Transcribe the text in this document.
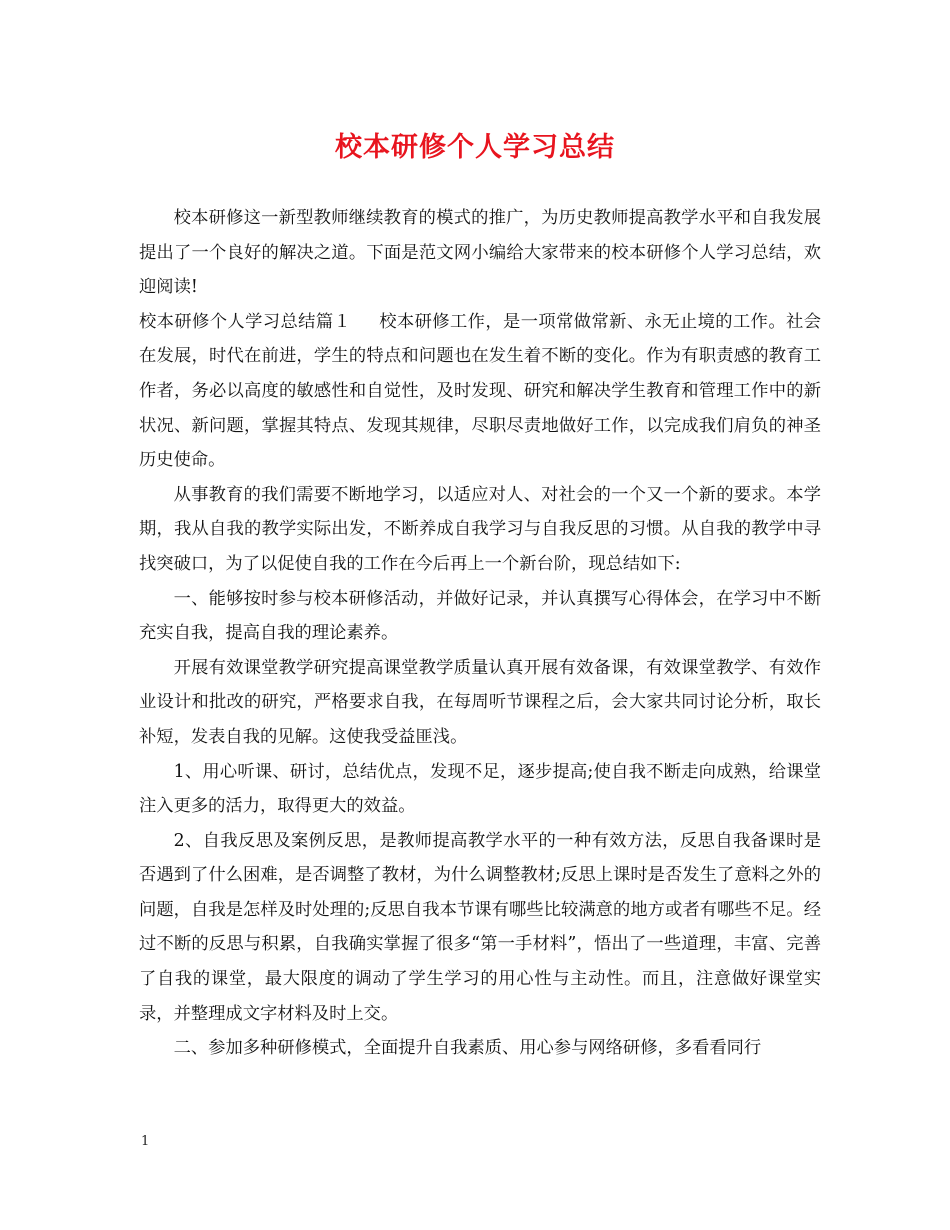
校本研修个人学习总结

校本研修这一新型教师继续教育的模式的推广，为历史教师提高教学水平和自我发展提出了一个良好的解决之道。下面是范文网小编给大家带来的校本研修个人学习总结，欢迎阅读!

校本研修个人学习总结篇１ 校本研修工作，是一项常做常新、永无止境的工作。社会在发展，时代在前进，学生的特点和问题也在发生着不断的变化。作为有职责感的教育工作者，务必以高度的敏感性和自觉性，及时发现、研究和解决学生教育和管理工作中的新状况、新问题，掌握其特点、发现其规律，尽职尽责地做好工作，以完成我们肩负的神圣历史使命。

从事教育的我们需要不断地学习，以适应对人、对社会的一个又一个新的要求。本学期，我从自我的教学实际出发，不断养成自我学习与自我反思的习惯。从自我的教学中寻找突破口，为了以促使自我的工作在今后再上一个新台阶，现总结如下:

一、能够按时参与校本研修活动，并做好记录，并认真撰写心得体会，在学习中不断充实自我，提高自我的理论素养。

开展有效课堂教学研究提高课堂教学质量认真开展有效备课，有效课堂教学、有效作业设计和批改的研究，严格要求自我，在每周听节课程之后，会大家共同讨论分析，取长补短，发表自我的见解。这使我受益匪浅。

1、用心听课、研讨，总结优点，发现不足，逐步提高;使自我不断走向成熟，给课堂注入更多的活力，取得更大的效益。

2、自我反思及案例反思，是教师提高教学水平的一种有效方法，反思自我备课时是否遇到了什么困难，是否调整了教材，为什么调整教材;反思上课时是否发生了意料之外的问题，自我是怎样及时处理的;反思自我本节课有哪些比较满意的地方或者有哪些不足。经过不断的反思与积累，自我确实掌握了很多“第一手材料”，悟出了一些道理，丰富、完善了自我的课堂，最大限度的调动了学生学习的用心性与主动性。而且，注意做好课堂实录，并整理成文字材料及时上交。

二、参加多种研修模式，全面提升自我素质、用心参与网络研修，多看看同行

1
